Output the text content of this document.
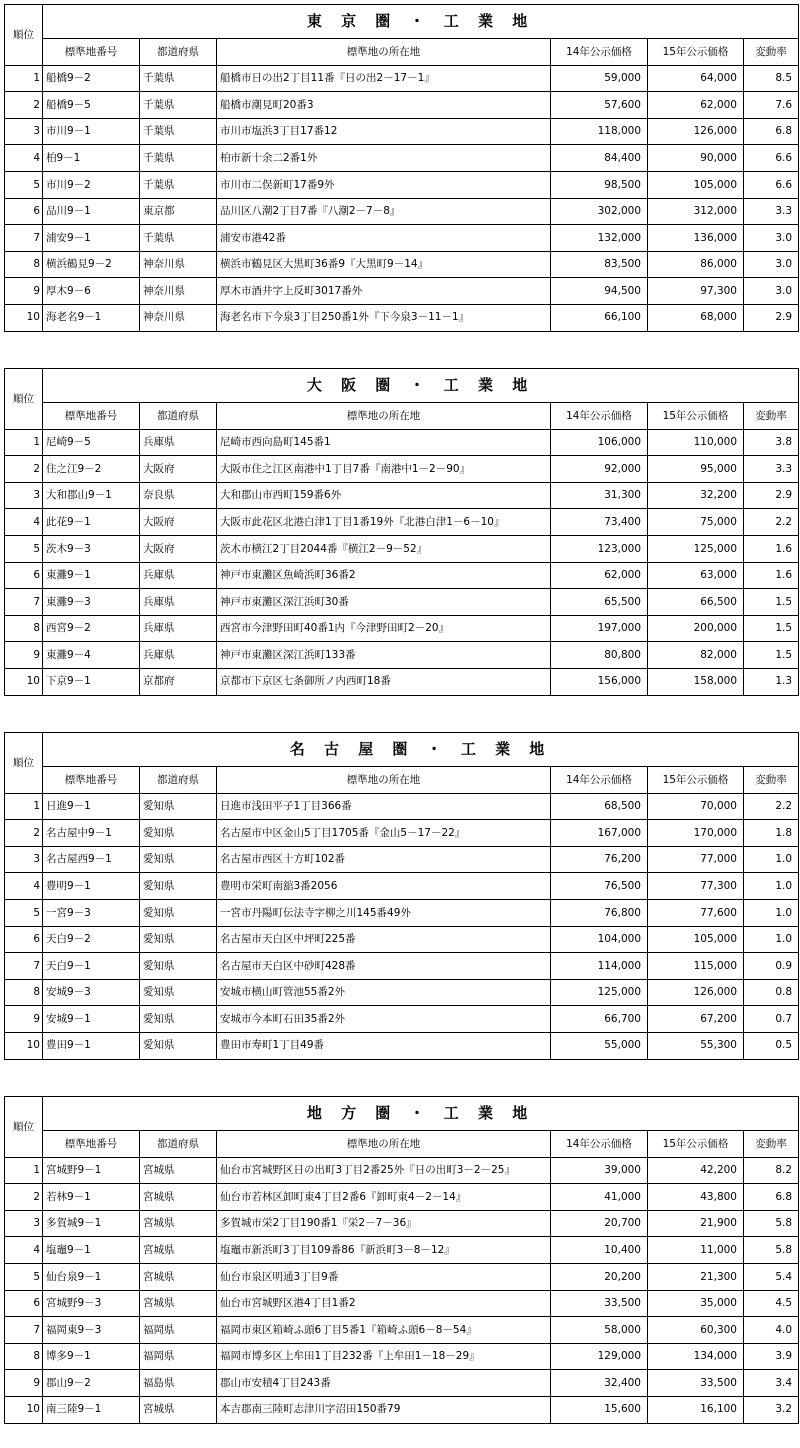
順位	東 京 圏 ・ 工 業 地					
	標準地番号	都道府県	標準地の所在地	14年公示価格	15年公示価格	変動率
1	船橋9－2	千葉県	船橋市日の出2丁目11番『日の出2－17－1』	59,000	64,000	8.5
2	船橋9－5	千葉県	船橋市潮見町20番3	57,600	62,000	7.6
3	市川9－1	千葉県	市川市塩浜3丁目17番12	118,000	126,000	6.8
4	柏9－1	千葉県	柏市新十余二2番1外	84,400	90,000	6.6
5	市川9－2	千葉県	市川市二俣新町17番9外	98,500	105,000	6.6
6	品川9－1	東京都	品川区八潮2丁目7番『八潮2－7－8』	302,000	312,000	3.3
7	浦安9－1	千葉県	浦安市港42番	132,000	136,000	3.0
8	横浜鶴見9－2	神奈川県	横浜市鶴見区大黒町36番9『大黒町9－14』	83,500	86,000	3.0
9	厚木9－6	神奈川県	厚木市酒井字上反町3017番外	94,500	97,300	3.0
10	海老名9－1	神奈川県	海老名市下今泉3丁目250番1外『下今泉3－11－1』	66,100	68,000	2.9
順位	大 阪 圏 ・ 工 業 地					
	標準地番号	都道府県	標準地の所在地	14年公示価格	15年公示価格	変動率
1	尼崎9－5	兵庫県	尼崎市西向島町145番1	106,000	110,000	3.8
2	住之江9－2	大阪府	大阪市住之江区南港中1丁目7番『南港中1－2－90』	92,000	95,000	3.3
3	大和郡山9－1	奈良県	大和郡山市西町159番6外	31,300	32,200	2.9
4	此花9－1	大阪府	大阪市此花区北港白津1丁目1番19外『北港白津1－6－10』	73,400	75,000	2.2
5	茨木9－3	大阪府	茨木市横江2丁目2044番『横江2－9－52』	123,000	125,000	1.6
6	東灘9－1	兵庫県	神戸市東灘区魚崎浜町36番2	62,000	63,000	1.6
7	東灘9－3	兵庫県	神戸市東灘区深江浜町30番	65,500	66,500	1.5
8	西宮9－2	兵庫県	西宮市今津野田町40番1内『今津野田町2－20』	197,000	200,000	1.5
9	東灘9－4	兵庫県	神戸市東灘区深江浜町133番	80,800	82,000	1.5
10	下京9－1	京都府	京都市下京区七条御所ノ内西町18番	156,000	158,000	1.3
順位	名 古 屋 圏 ・ 工 業 地					
	標準地番号	都道府県	標準地の所在地	14年公示価格	15年公示価格	変動率
1	日進9－1	愛知県	日進市浅田平子1丁目366番	68,500	70,000	2.2
2	名古屋中9－1	愛知県	名古屋市中区金山5丁目1705番『金山5－17－22』	167,000	170,000	1.8
3	名古屋西9－1	愛知県	名古屋市西区十方町102番	76,200	77,000	1.0
4	豊明9－1	愛知県	豊明市栄町南舘3番2056	76,500	77,300	1.0
5	一宮9－3	愛知県	一宮市丹陽町伝法寺字柳之川145番49外	76,800	77,600	1.0
6	天白9－2	愛知県	名古屋市天白区中坪町225番	104,000	105,000	1.0
7	天白9－1	愛知県	名古屋市天白区中砂町428番	114,000	115,000	0.9
8	安城9－3	愛知県	安城市横山町管池55番2外	125,000	126,000	0.8
9	安城9－1	愛知県	安城市今本町石田35番2外	66,700	67,200	0.7
10	豊田9－1	愛知県	豊田市寿町1丁目49番	55,000	55,300	0.5
順位	地 方 圏 ・ 工 業 地					
	標準地番号	都道府県	標準地の所在地	14年公示価格	15年公示価格	変動率
1	宮城野9－1	宮城県	仙台市宮城野区日の出町3丁目2番25外『日の出町3－2－25』	39,000	42,200	8.2
2	若林9－1	宮城県	仙台市若林区卸町東4丁目2番6『卸町東4－2－14』	41,000	43,800	6.8
3	多賀城9－1	宮城県	多賀城市栄2丁目190番1『栄2－7－36』	20,700	21,900	5.8
4	塩竈9－1	宮城県	塩竈市新浜町3丁目109番86『新浜町3－8－12』	10,400	11,000	5.8
5	仙台泉9－1	宮城県	仙台市泉区明通3丁目9番	20,200	21,300	5.4
6	宮城野9－3	宮城県	仙台市宮城野区港4丁目1番2	33,500	35,000	4.5
7	福岡東9－3	福岡県	福岡市東区箱崎ふ頭6丁目5番1『箱崎ふ頭6－8－54』	58,000	60,300	4.0
8	博多9－1	福岡県	福岡市博多区上牟田1丁目232番『上牟田1－18－29』	129,000	134,000	3.9
9	郡山9－2	福島県	郡山市安積4丁目243番	32,400	33,500	3.4
10	南三陸9－1	宮城県	本吉郡南三陸町志津川字沼田150番79	15,600	16,100	3.2
